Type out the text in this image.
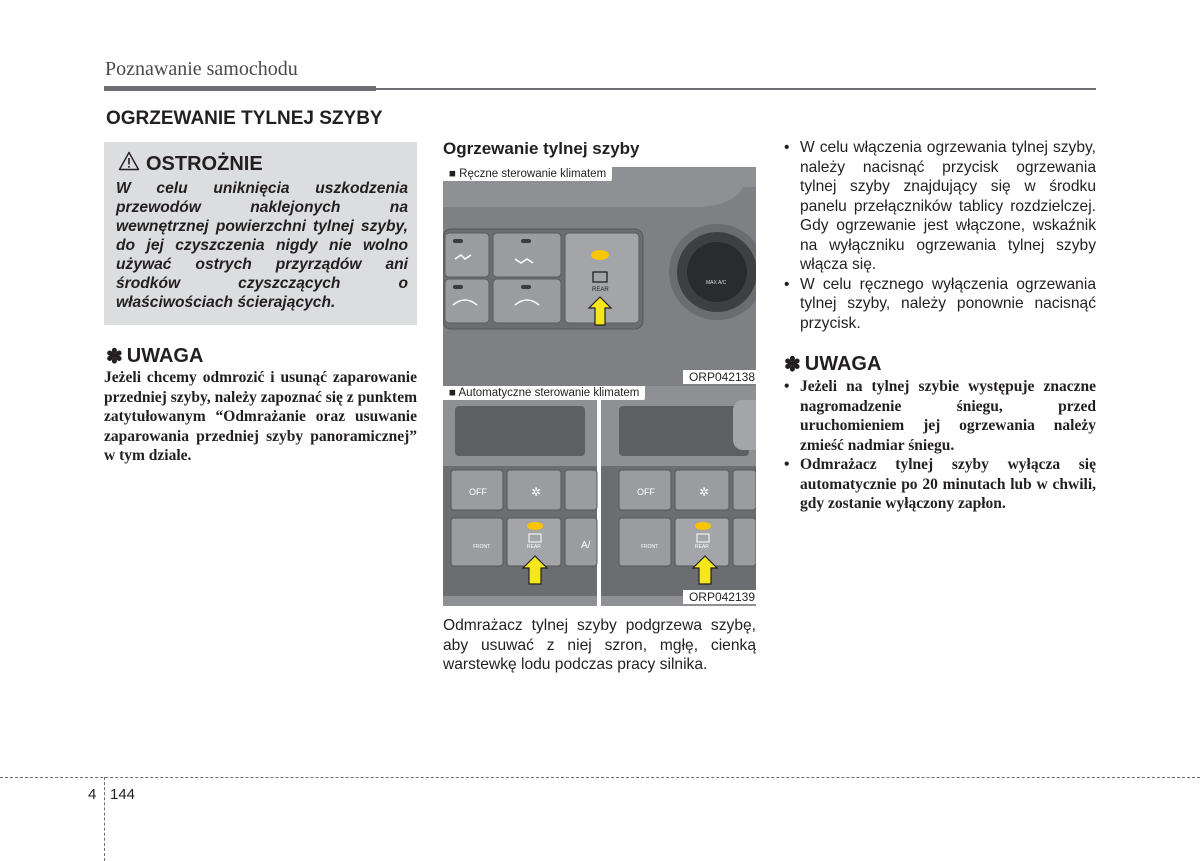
Poznawanie samochodu
OGRZEWANIE TYLNEJ SZYBY
OSTROŻNIE
W celu uniknięcia uszkodzenia przewodów naklejonych na wewnętrznej powierzchni tylnej szyby, do jej czyszczenia nigdy nie wolno używać ostrych przyrządów ani środków czyszczących o właściwościach ścierających.
✽ UWAGA
Jeżeli chcemy odmrozić i usunąć zaparowanie przedniej szyby, należy zapoznać się z punktem zatytułowanym “Odmrażanie oraz usuwanie zaparowania przedniej szyby panoramicznej” w tym dziale.
Ogrzewanie tylnej szyby
REAR
MAX A/C
■ Ręczne sterowanie klimatem
ORP042138
OFF	✲
FRONT	REAR	A/
OFF	✲
FRONT	REAR
■ Automatyczne sterowanie klimatem
ORP042139
Odmrażacz tylnej szyby podgrzewa szybę, aby usuwać z niej szron, mgłę, cienką warstewkę lodu podczas pracy silnika.
• W celu włączenia ogrzewania tylnej szyby, należy nacisnąć przycisk ogrzewania tylnej szyby znajdujący się w środku panelu przełączników tablicy rozdzielczej. Gdy ogrzewanie jest włączone, wskaźnik na wyłączniku ogrzewania tylnej szyby włącza się.
• W celu ręcznego wyłączenia ogrzewania tylnej szyby, należy ponownie nacisnąć przycisk.
✽ UWAGA
• Jeżeli na tylnej szybie występuje znaczne nagromadzenie śniegu, przed uruchomieniem jej ogrzewania należy zmieść nadmiar śniegu.
• Odmrażacz tylnej szyby wyłącza się automatycznie po 20 minutach lub w chwili, gdy zostanie wyłączony zapłon.
4 144
